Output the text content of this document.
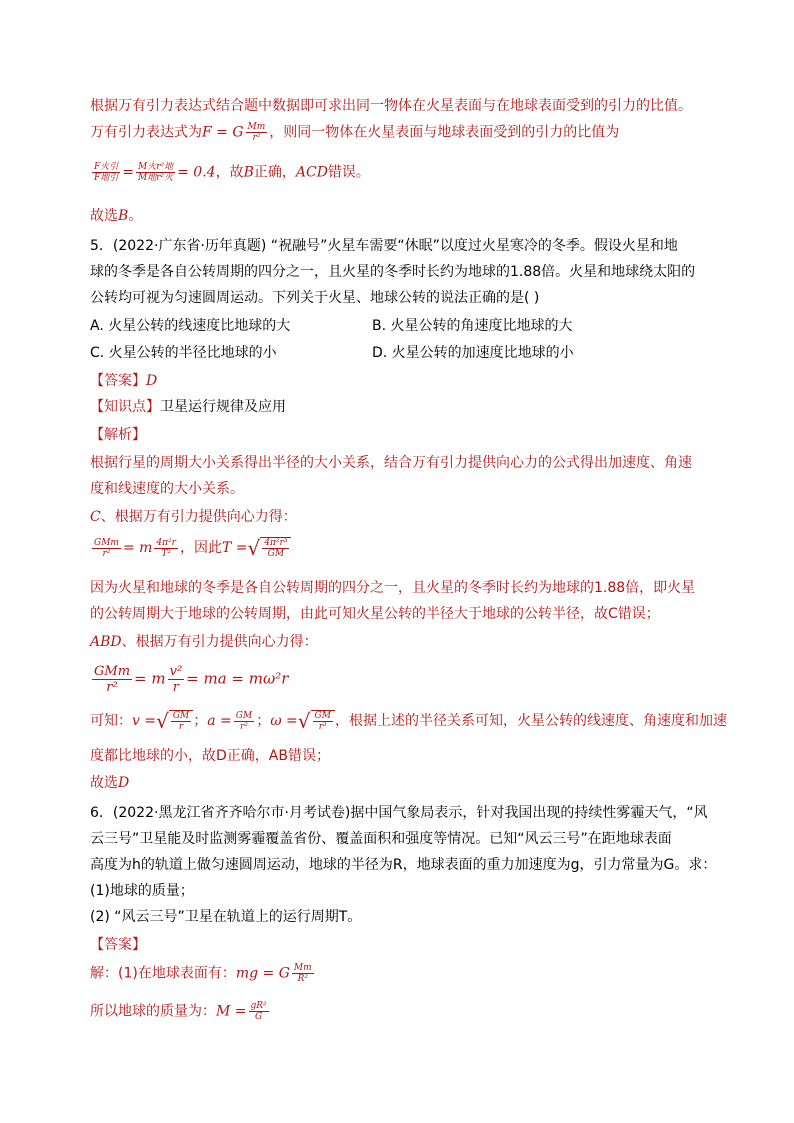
根据万有引力表达式结合题中数据即可求出同一物体在火星表面与在地球表面受到的引力的比值。
万有引力表达式为F = G $\frac{Mm}{\text{r²}}$ ，则同一物体在火星表面与地球表面受到的引力的比值为
$\frac{\text{F火引}}{\text{F地引}} = \frac{\text{M火r²地}}{\text{M地r²火}} = 0.4$，故B正确，ACD错误。
故选B。
5．(2022·广东省·历年真题) “祝融号”火星车需要“休眠”以度过火星寒冷的冬季。假设火星和地
球的冬季是各自公转周期的四分之一，且火星的冬季时长约为地球的1.88倍。火星和地球绕太阳的
公转均可视为匀速圆周运动。下列关于火星、地球公转的说法正确的是( )
A. 火星公转的线速度比地球的大	B. 火星公转的角速度比地球的大
C. 火星公转的半径比地球的小	D. 火星公转的加速度比地球的小
【答案】D
【知识点】卫星运行规律及应用
【解析】
根据行星的周期大小关系得出半径的大小关系，结合万有引力提供向心力的公式得出加速度、角速
度和线速度的大小关系。
C、根据万有引力提供向心力得：
$\frac{\text{GMm}}{\text{r²}} = m \frac{\text{4π²r}}{\text{T²}}$ ，因此T =√ $\frac{\text{4π²r³}}{GM}$
因为火星和地球的冬季是各自公转周期的四分之一，且火星的冬季时长约为地球的1.88倍，即火星
的公转周期大于地球的公转周期，由此可知火星公转的半径大于地球的公转半径，故C错误；
ABD、根据万有引力提供向心力得：
$\frac{\text{GMm}}{\text{r²}} = m \frac{\text{v²}}{r}$ = ma = mω²r
可知：v =√ $\frac{GM}{r}$ ；$a = \frac{GM}{\text{r²}}$ ；ω =√ $\frac{GM}{\text{r³}}$ ，根据上述的半径关系可知，火星公转的线速度、角速度和加速
度都比地球的小，故D正确，AB错误；
故选D
6．(2022·黑龙江省齐齐哈尔市·月考试卷)据中国气象局表示，针对我国出现的持续性雾霾天气，“风
云三号”卫星能及时监测雾霾覆盖省份、覆盖面积和强度等情况。已知“风云三号”在距地球表面
高度为h的轨道上做匀速圆周运动，地球的半径为R，地球表面的重力加速度为g，引力常量为G。求：
(1)地球的质量；
(2) “风云三号”卫星在轨道上的运行周期T。
【答案】
解：(1)在地球表面有：mg = G $\frac{Mm}{\text{R²}}$
所以地球的质量为：$M = \frac{\text{gR²}}{G}$
